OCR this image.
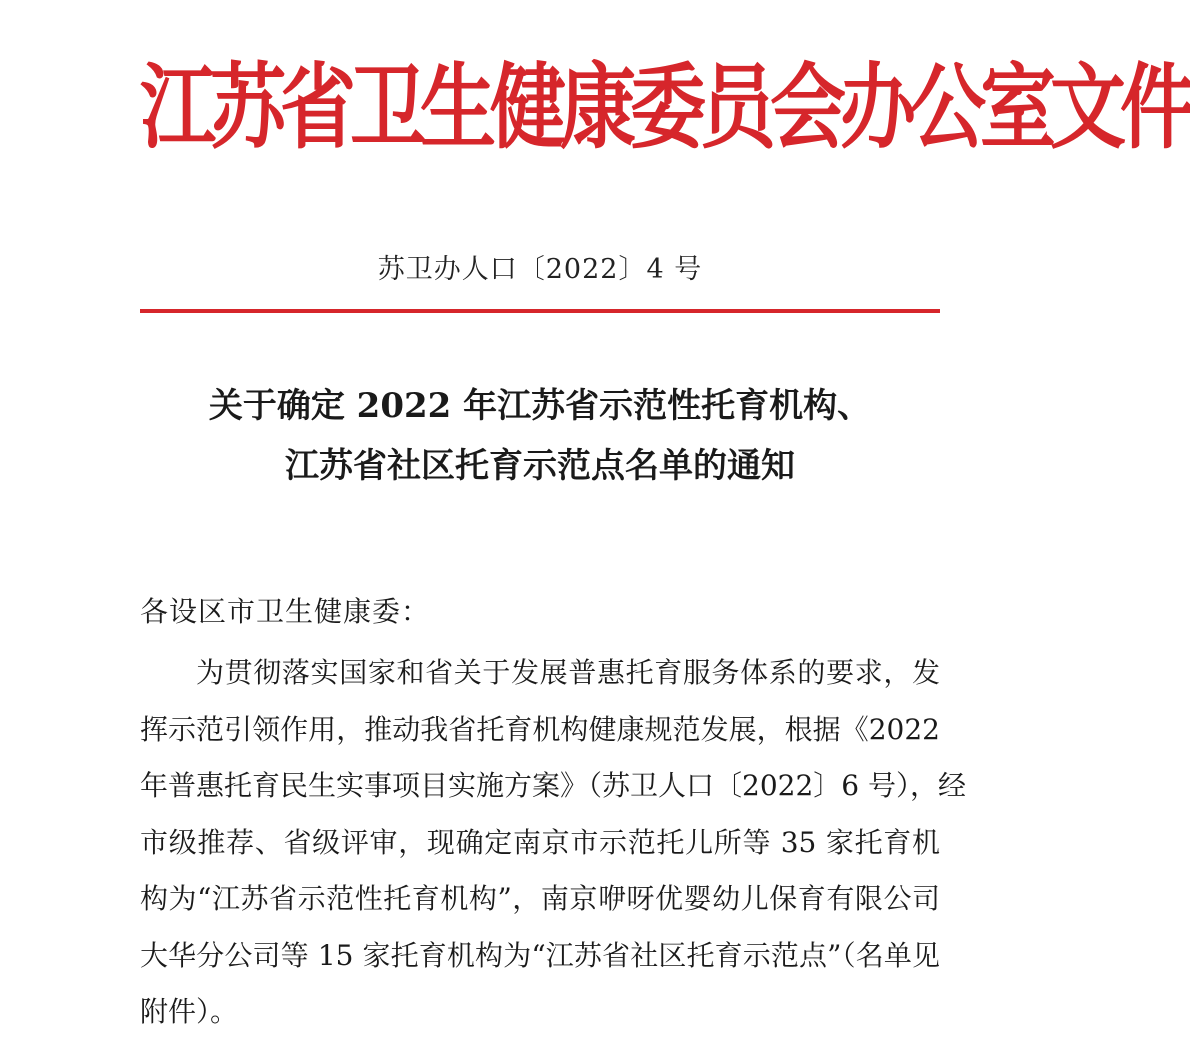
江苏省卫生健康委员会办公室文件
苏卫办人口〔2022〕4 号
关于确定 2022 年江苏省示范性托育机构、
江苏省社区托育示范点名单的通知
各设区市卫生健康委：
为贯彻落实国家和省关于发展普惠托育服务体系的要求，发
挥示范引领作用，推动我省托育机构健康规范发展，根据《2022
年普惠托育民生实事项目实施方案》（苏卫人口〔2022〕6 号），经
市级推荐、省级评审，现确定南京市示范托儿所等 35 家托育机
构为“江苏省示范性托育机构”，南京咿呀优婴幼儿保育有限公司
大华分公司等 15 家托育机构为“江苏省社区托育示范点”（名单见
附件）。
